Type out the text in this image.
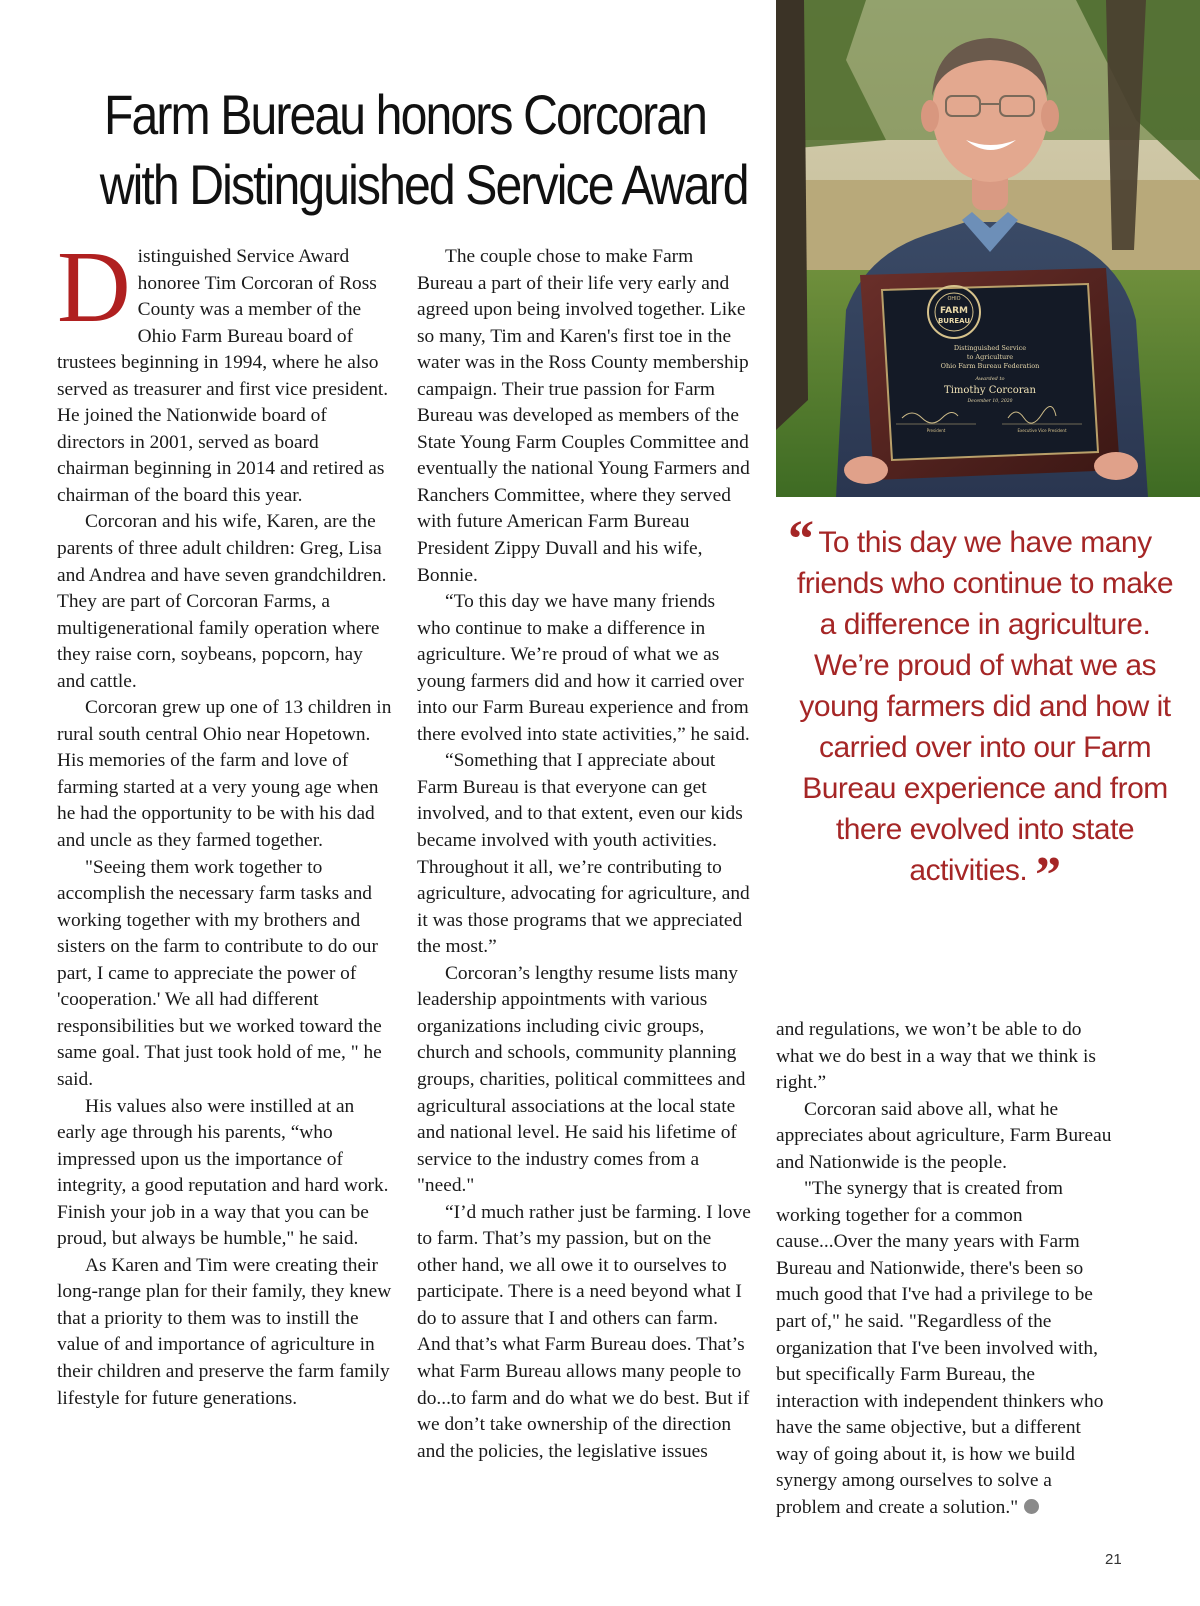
Farm Bureau honors Corcoran
with Distinguished Service Award

Distinguished Service Award honoree Tim Corcoran of Ross County was a member of the Ohio Farm Bureau board of trustees beginning in 1994, where he also served as treasurer and first vice president. He joined the Nationwide board of directors in 2001, served as board chairman beginning in 2014 and retired as chairman of the board this year.

Corcoran and his wife, Karen, are the parents of three adult children: Greg, Lisa and Andrea and have seven grandchildren. They are part of Corcoran Farms, a multigenerational family operation where they raise corn, soybeans, popcorn, hay and cattle.

Corcoran grew up one of 13 children in rural south central Ohio near Hopetown. His memories of the farm and love of farming started at a very young age when he had the opportunity to be with his dad and uncle as they farmed together.

"Seeing them work together to accomplish the necessary farm tasks and working together with my brothers and sisters on the farm to contribute to do our part, I came to appreciate the power of 'cooperation.' We all had different responsibilities but we worked toward the same goal. That just took hold of me, " he said.

His values also were instilled at an early age through his parents, “who impressed upon us the importance of integrity, a good reputation and hard work. Finish your job in a way that you can be proud, but always be humble," he said.

As Karen and Tim were creating their long-range plan for their family, they knew that a priority to them was to instill the value of and importance of agriculture in their children and preserve the farm family lifestyle for future generations.

The couple chose to make Farm Bureau a part of their life very early and agreed upon being involved together. Like so many, Tim and Karen's first toe in the water was in the Ross County membership campaign. Their true passion for Farm Bureau was developed as members of the State Young Farm Couples Committee and eventually the national Young Farmers and Ranchers Committee, where they served with future American Farm Bureau President Zippy Duvall and his wife, Bonnie.

“To this day we have many friends who continue to make a difference in agriculture. We’re proud of what we as young farmers did and how it carried over into our Farm Bureau experience and from there evolved into state activities,” he said.

“Something that I appreciate about Farm Bureau is that everyone can get involved, and to that extent, even our kids became involved with youth activities. Throughout it all, we’re contributing to agriculture, advocating for agriculture, and it was those programs that we appreciated the most.”

Corcoran’s lengthy resume lists many leadership appointments with various organizations including civic groups, church and schools, community planning groups, charities, political committees and agricultural associations at the local state and national level. He said his lifetime of service to the industry comes from a "need."

“I’d much rather just be farming. I love to farm. That’s my passion, but on the other hand, we all owe it to ourselves to participate. There is a need beyond what I do to assure that I and others can farm. And that’s what Farm Bureau does. That’s what Farm Bureau allows many people to do...to farm and do what we do best. But if we don’t take ownership of the direction and the policies, the legislative issues

OHIO
FARM
BUREAU
Distinguished Service
to Agriculture
Ohio Farm Bureau Federation
Awarded to
Timothy Corcoran
December 10, 2020
President	Executive Vice President
“ To this day we have many friends who continue to make a difference in agriculture. We’re proud of what we as young farmers did and how it carried over into our Farm Bureau experience and from there evolved into state activities. ”

and regulations, we won’t be able to do what we do best in a way that we think is right.”

Corcoran said above all, what he appreciates about agriculture, Farm Bureau and Nationwide is the people.

"The synergy that is created from working together for a common cause...Over the many years with Farm Bureau and Nationwide, there's been so much good that I've had a privilege to be part of," he said. "Regardless of the organization that I've been involved with, but specifically Farm Bureau, the interaction with independent thinkers who have the same objective, but a different way of going about it, is how we build synergy among ourselves to solve a problem and create a solution."

21
